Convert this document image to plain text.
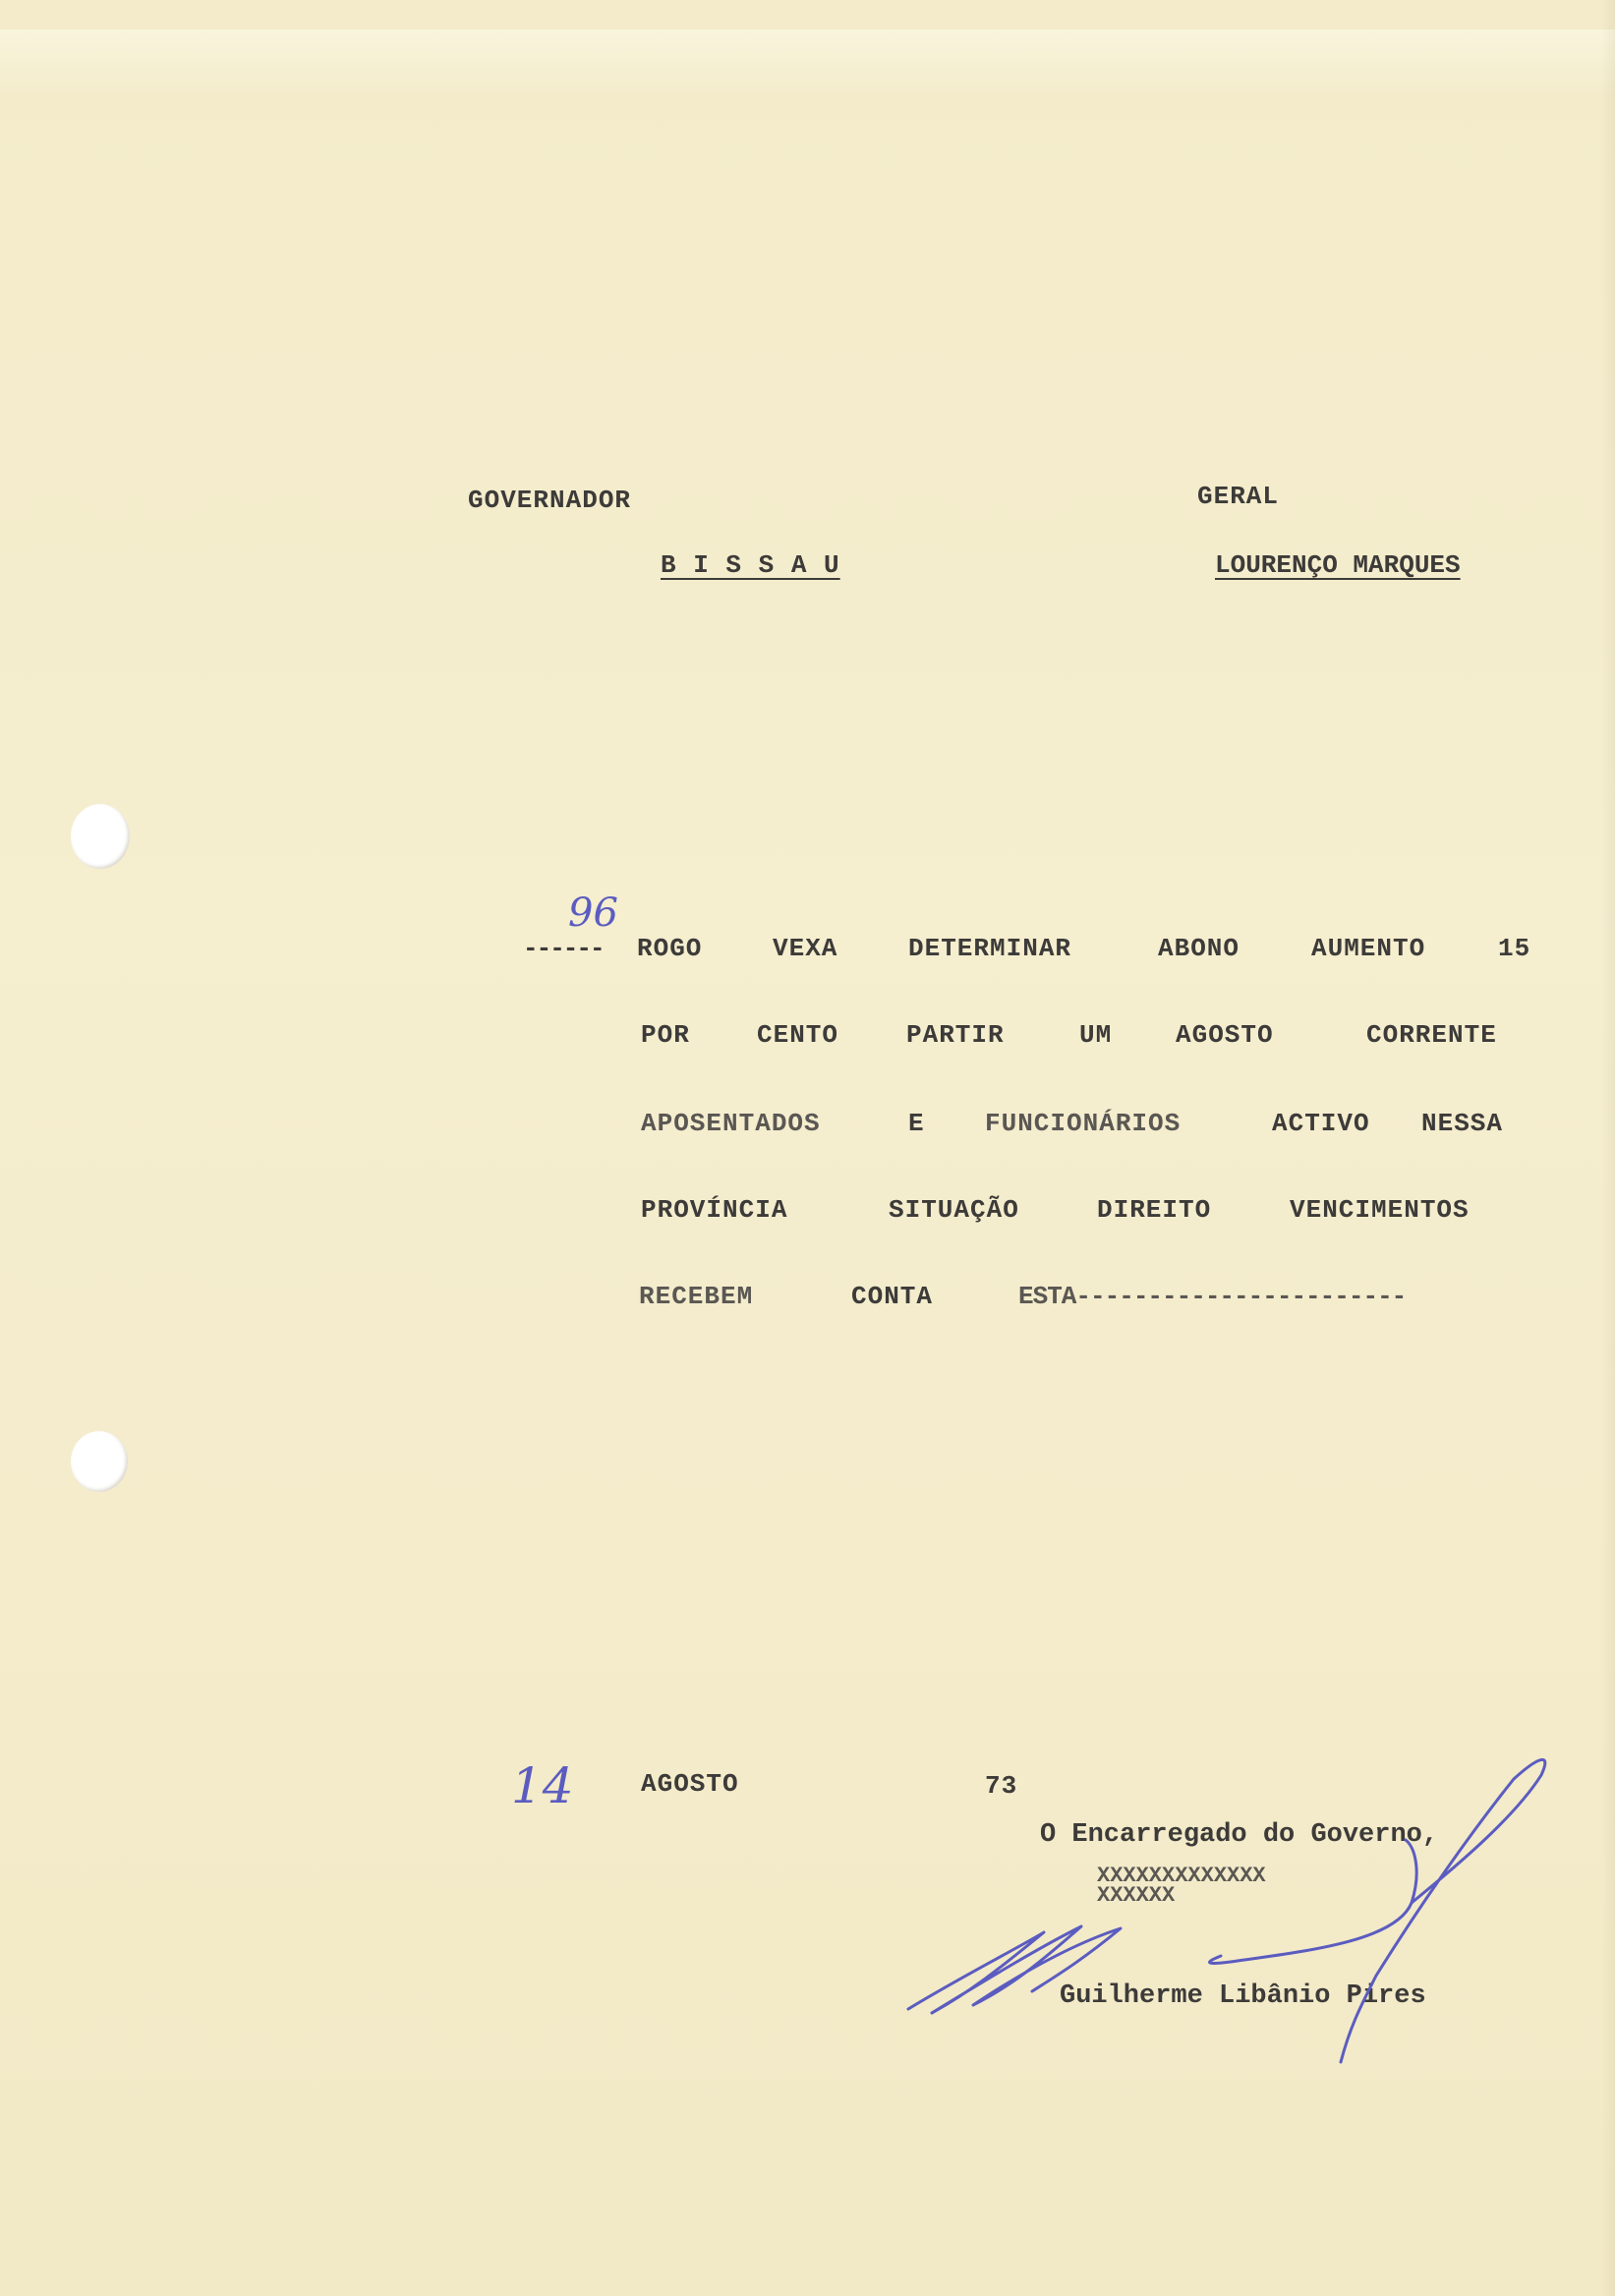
GOVERNADOR
B I S S A U
GERAL
LOURENÇO MARQUES
96
------ ROGO	VEXA	DETERMINAR	ABONO	AUMENTO	15
POR	CENTO	PARTIR	UM AGOSTO	CORRENTE
APOSENTADOS	E FUNCIONÁRIOS	ACTIVO NESSA
PROVÍNCIA	SITUAÇÃO	DIREITO	VENCIMENTOS
RECEBEM	CONTA	ESTA-----------------------
14	AGOSTO	73
O Encarregado do Governo,
XXXXXXXXXXXXX
XXXXXX
Guilherme Libânio Pires
